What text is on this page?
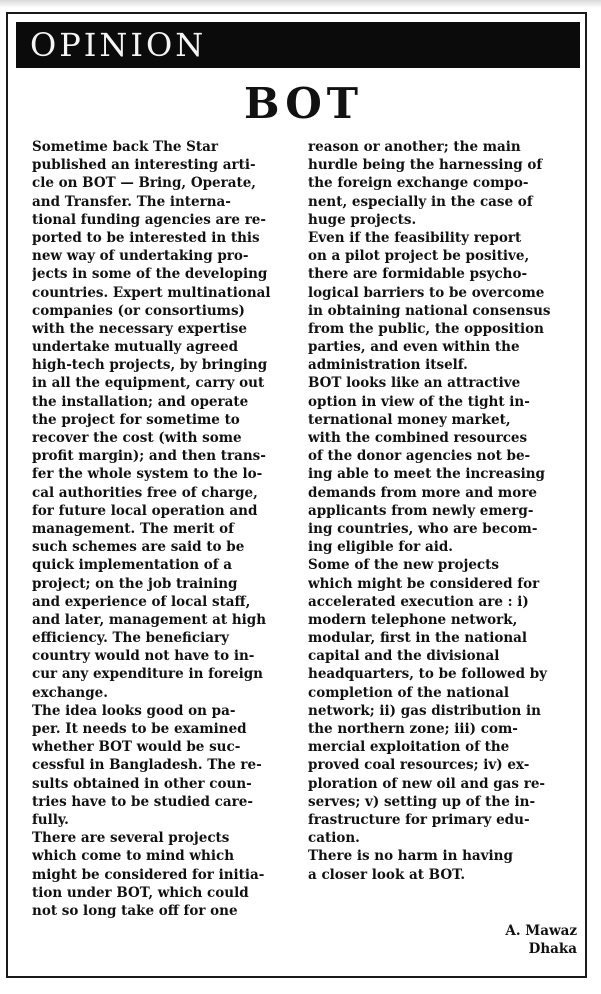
OPINION
BOT
Sometime back The Star
published an interesting arti-
cle on BOT — Bring, Operate,
and Transfer. The interna-
tional funding agencies are re-
ported to be interested in this
new way of undertaking pro-
jects in some of the developing
countries. Expert multinational
companies (or consortiums)
with the necessary expertise
undertake mutually agreed
high-tech projects, by bringing
in all the equipment, carry out
the installation; and operate
the project for sometime to
recover the cost (with some
profit margin); and then trans-
fer the whole system to the lo-
cal authorities free of charge,
for future local operation and
management. The merit of
such schemes are said to be
quick implementation of a
project; on the job training
and experience of local staff,
and later, management at high
efficiency. The beneficiary
country would not have to in-
cur any expenditure in foreign
exchange.
The idea looks good on pa-
per. It needs to be examined
whether BOT would be suc-
cessful in Bangladesh. The re-
sults obtained in other coun-
tries have to be studied care-
fully.
There are several projects
which come to mind which
might be considered for initia-
tion under BOT, which could
not so long take off for one
reason or another; the main
hurdle being the harnessing of
the foreign exchange compo-
nent, especially in the case of
huge projects.
Even if the feasibility report
on a pilot project be positive,
there are formidable psycho-
logical barriers to be overcome
in obtaining national consensus
from the public, the opposition
parties, and even within the
administration itself.
BOT looks like an attractive
option in view of the tight in-
ternational money market,
with the combined resources
of the donor agencies not be-
ing able to meet the increasing
demands from more and more
applicants from newly emerg-
ing countries, who are becom-
ing eligible for aid.
Some of the new projects
which might be considered for
accelerated execution are : i)
modern telephone network,
modular, first in the national
capital and the divisional
headquarters, to be followed by
completion of the national
network; ii) gas distribution in
the northern zone; iii) com-
mercial exploitation of the
proved coal resources; iv) ex-
ploration of new oil and gas re-
serves; v) setting up of the in-
frastructure for primary edu-
cation.
There is no harm in having
a closer look at BOT.
A. Mawaz
Dhaka
